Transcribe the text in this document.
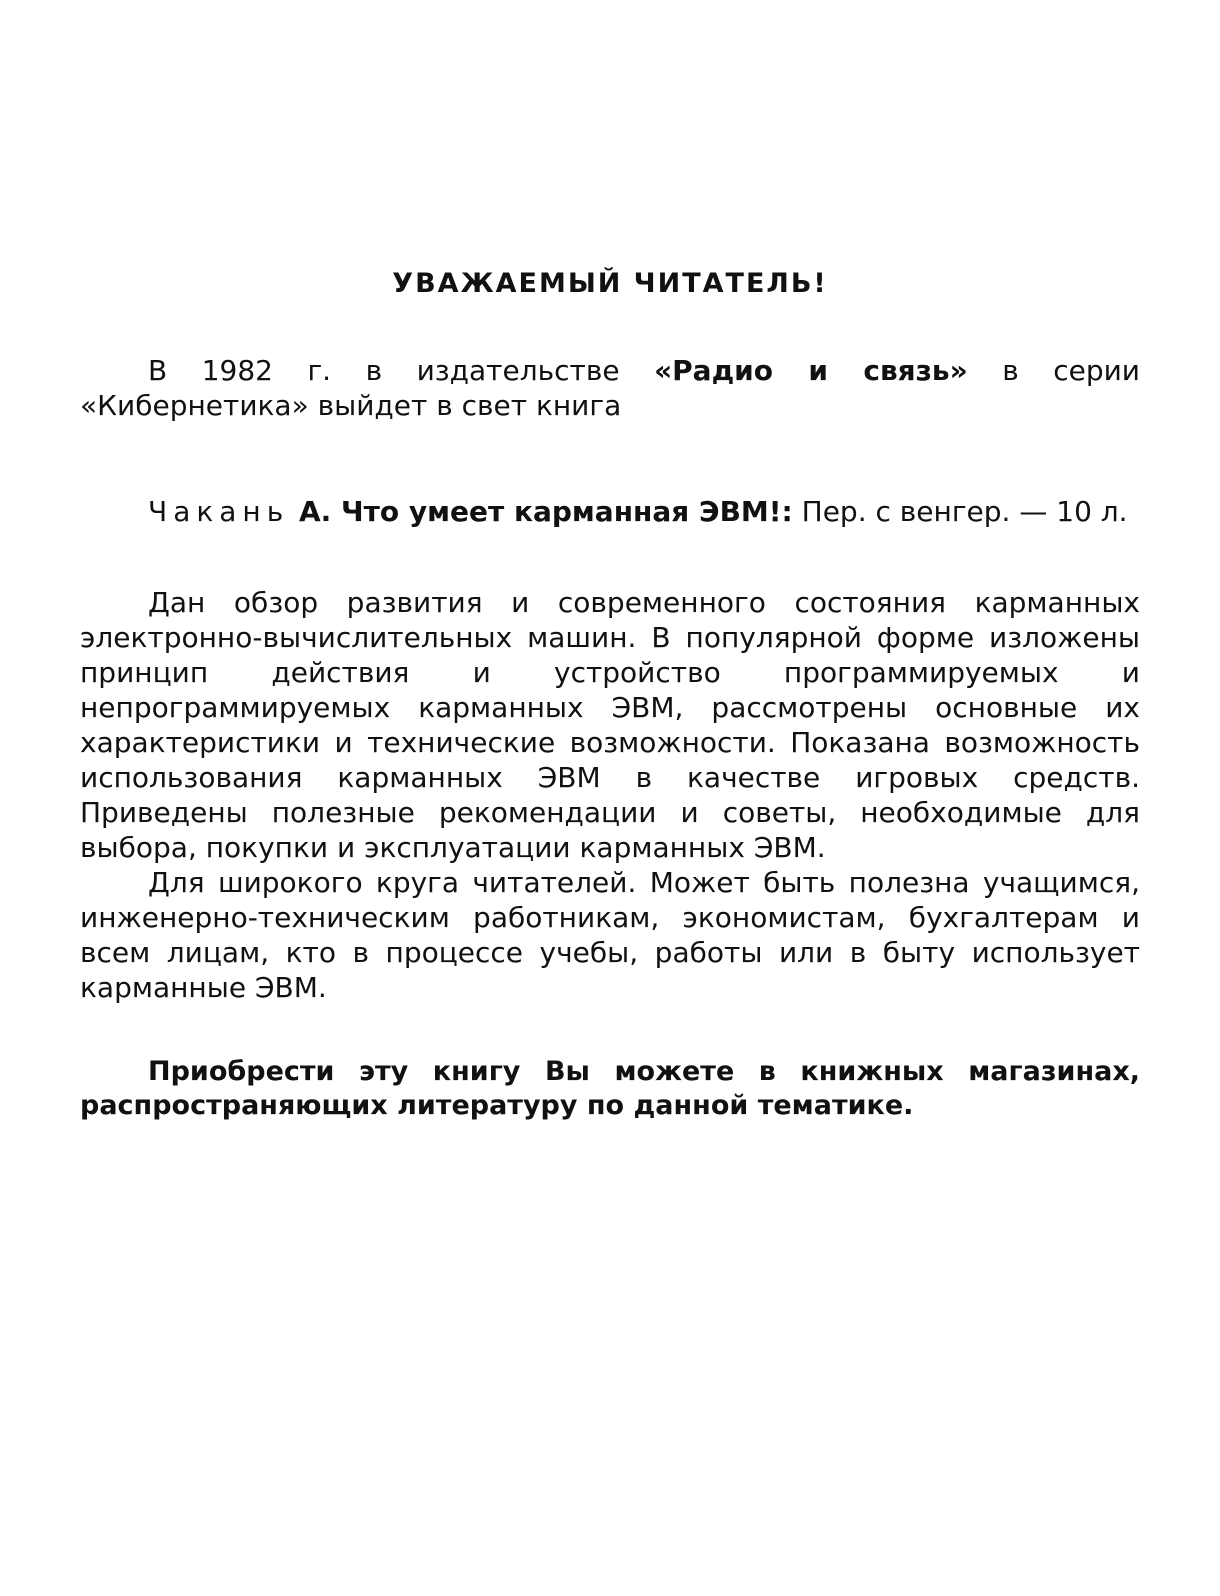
УВАЖАЕМЫЙ ЧИТАТЕЛЬ!

В 1982 г. в издательстве «Радио и связь» в серии «Кибернетика» выйдет в свет книга

Чакань А. Что умеет карманная ЭВМ!: Пер. с венгер. — 10 л.

Дан обзор развития и современного состояния карманных электронно-вычислительных машин. В популярной форме изложены принцип действия и устройство программируемых и непрограммируемых карманных ЭВМ, рассмотрены основные их характеристики и технические возможности. Показана возможность использования карманных ЭВМ в качестве игровых средств. Приведены полезные рекомендации и советы, необходимые для выбора, покупки и эксплуатации карманных ЭВМ.

Для широкого круга читателей. Может быть полезна учащимся, инженерно-техническим работникам, экономистам, бухгалтерам и всем лицам, кто в процессе учебы, работы или в быту использует карманные ЭВМ.

Приобрести эту книгу Вы можете в книжных магазинах, распространяющих литературу по данной тематике.
